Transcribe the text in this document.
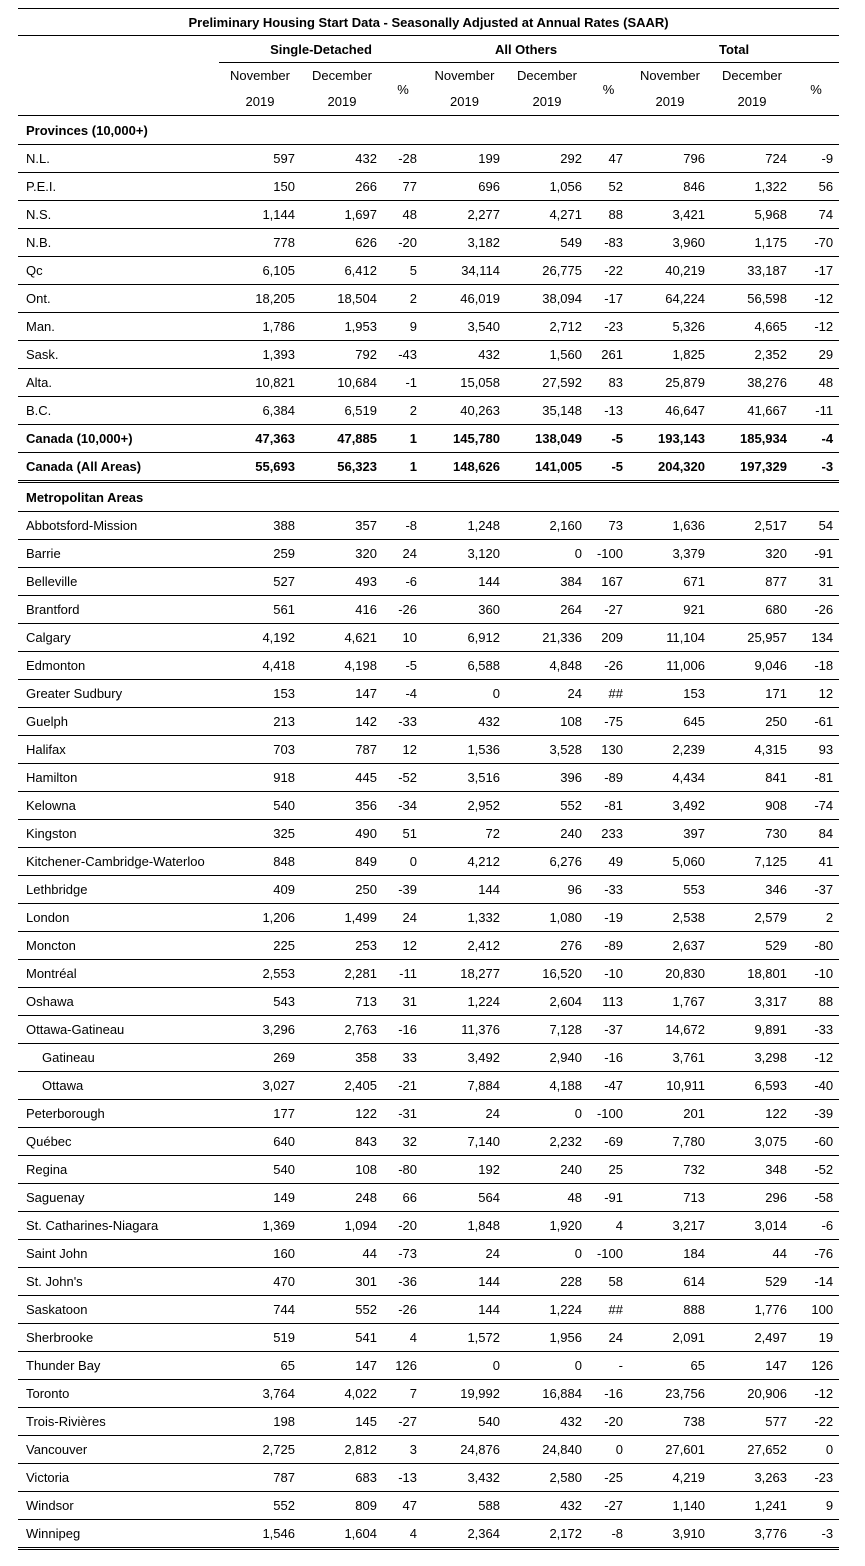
Preliminary Housing Start Data - Seasonally Adjusted at Annual Rates (SAAR)									
	Single-Detached			All Others			Total		
	November	December	%	November	December	%	November	December	%
	2019	2019		2019	2019		2019	2019	
Provinces (10,000+)									
N.L.	597	432	-28	199	292	47	796	724	-9
P.E.I.	150	266	77	696	1,056	52	846	1,322	56
N.S.	1,144	1,697	48	2,277	4,271	88	3,421	5,968	74
N.B.	778	626	-20	3,182	549	-83	3,960	1,175	-70
Qc	6,105	6,412	5	34,114	26,775	-22	40,219	33,187	-17
Ont.	18,205	18,504	2	46,019	38,094	-17	64,224	56,598	-12
Man.	1,786	1,953	9	3,540	2,712	-23	5,326	4,665	-12
Sask.	1,393	792	-43	432	1,560	261	1,825	2,352	29
Alta.	10,821	10,684	-1	15,058	27,592	83	25,879	38,276	48
B.C.	6,384	6,519	2	40,263	35,148	-13	46,647	41,667	-11
Canada (10,000+)	47,363	47,885	1	145,780	138,049	-5	193,143	185,934	-4
Canada (All Areas)	55,693	56,323	1	148,626	141,005	-5	204,320	197,329	-3
Metropolitan Areas									
Abbotsford-Mission	388	357	-8	1,248	2,160	73	1,636	2,517	54
Barrie	259	320	24	3,120	0	-100	3,379	320	-91
Belleville	527	493	-6	144	384	167	671	877	31
Brantford	561	416	-26	360	264	-27	921	680	-26
Calgary	4,192	4,621	10	6,912	21,336	209	11,104	25,957	134
Edmonton	4,418	4,198	-5	6,588	4,848	-26	11,006	9,046	-18
Greater Sudbury	153	147	-4	0	24	##	153	171	12
Guelph	213	142	-33	432	108	-75	645	250	-61
Halifax	703	787	12	1,536	3,528	130	2,239	4,315	93
Hamilton	918	445	-52	3,516	396	-89	4,434	841	-81
Kelowna	540	356	-34	2,952	552	-81	3,492	908	-74
Kingston	325	490	51	72	240	233	397	730	84
Kitchener-Cambridge-Waterloo	848	849	0	4,212	6,276	49	5,060	7,125	41
Lethbridge	409	250	-39	144	96	-33	553	346	-37
London	1,206	1,499	24	1,332	1,080	-19	2,538	2,579	2
Moncton	225	253	12	2,412	276	-89	2,637	529	-80
Montréal	2,553	2,281	-11	18,277	16,520	-10	20,830	18,801	-10
Oshawa	543	713	31	1,224	2,604	113	1,767	3,317	88
Ottawa-Gatineau	3,296	2,763	-16	11,376	7,128	-37	14,672	9,891	-33
Gatineau	269	358	33	3,492	2,940	-16	3,761	3,298	-12
Ottawa	3,027	2,405	-21	7,884	4,188	-47	10,911	6,593	-40
Peterborough	177	122	-31	24	0	-100	201	122	-39
Québec	640	843	32	7,140	2,232	-69	7,780	3,075	-60
Regina	540	108	-80	192	240	25	732	348	-52
Saguenay	149	248	66	564	48	-91	713	296	-58
St. Catharines-Niagara	1,369	1,094	-20	1,848	1,920	4	3,217	3,014	-6
Saint John	160	44	-73	24	0	-100	184	44	-76
St. John's	470	301	-36	144	228	58	614	529	-14
Saskatoon	744	552	-26	144	1,224	##	888	1,776	100
Sherbrooke	519	541	4	1,572	1,956	24	2,091	2,497	19
Thunder Bay	65	147	126	0	0	-	65	147	126
Toronto	3,764	4,022	7	19,992	16,884	-16	23,756	20,906	-12
Trois-Rivières	198	145	-27	540	432	-20	738	577	-22
Vancouver	2,725	2,812	3	24,876	24,840	0	27,601	27,652	0
Victoria	787	683	-13	3,432	2,580	-25	4,219	3,263	-23
Windsor	552	809	47	588	432	-27	1,140	1,241	9
Winnipeg	1,546	1,604	4	2,364	2,172	-8	3,910	3,776	-3
